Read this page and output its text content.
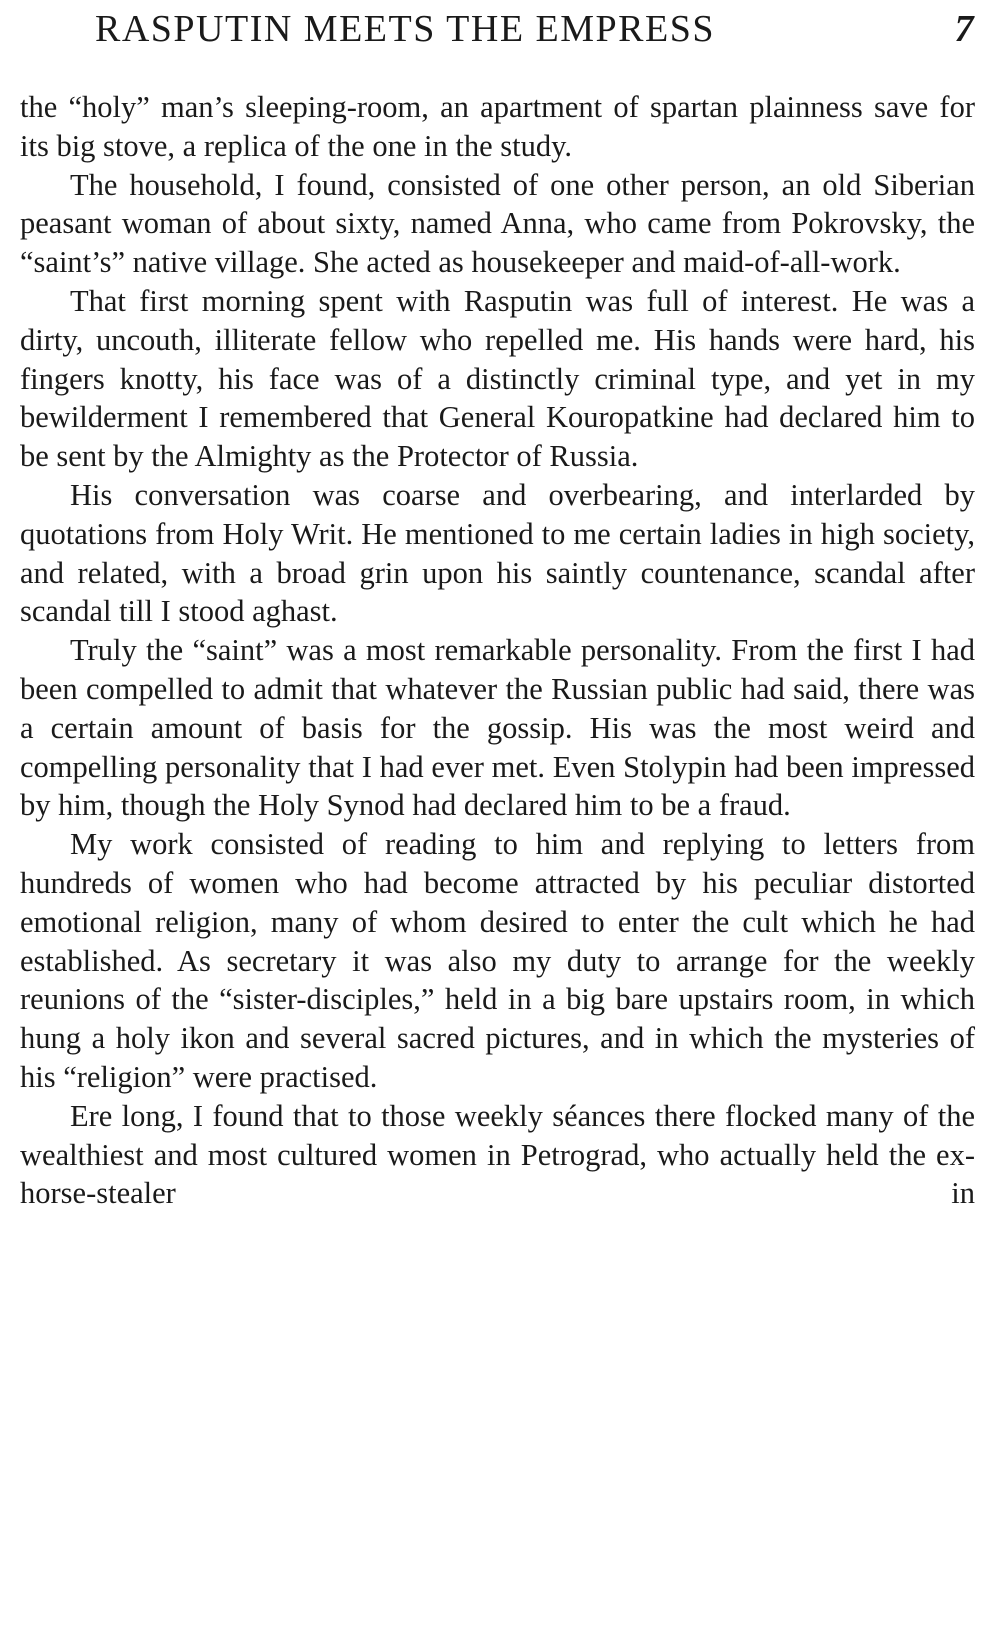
RASPUTIN MEETS THE EMPRESS	7

the “holy” man’s sleeping-room, an apartment of spartan plainness save for its big stove, a replica of the one in the study.

The household, I found, consisted of one other person, an old Siberian peasant woman of about sixty, named Anna, who came from Pokrovsky, the “saint’s” native village. She acted as housekeeper and maid-of-all-work.

That first morning spent with Rasputin was full of interest. He was a dirty, uncouth, illiterate fellow who repelled me. His hands were hard, his fingers knotty, his face was of a distinctly criminal type, and yet in my bewilderment I remembered that General Kouropatkine had declared him to be sent by the Almighty as the Protector of Russia.

His conversation was coarse and overbearing, and interlarded by quotations from Holy Writ. He mentioned to me certain ladies in high society, and related, with a broad grin upon his saintly countenance, scandal after scandal till I stood aghast.

Truly the “saint” was a most remarkable personality. From the first I had been compelled to admit that whatever the Russian public had said, there was a certain amount of basis for the gossip. His was the most weird and compelling personality that I had ever met. Even Stolypin had been impressed by him, though the Holy Synod had declared him to be a fraud.

My work consisted of reading to him and replying to letters from hundreds of women who had become attracted by his peculiar distorted emotional religion, many of whom desired to enter the cult which he had established. As secretary it was also my duty to arrange for the weekly reunions of the “sister-disciples,” held in a big bare upstairs room, in which hung a holy ikon and several sacred pictures, and in which the mysteries of his “religion” were practised.

Ere long, I found that to those weekly séances there flocked many of the wealthiest and most cultured women in Petrograd, who actually held the ex-horse-stealer in
